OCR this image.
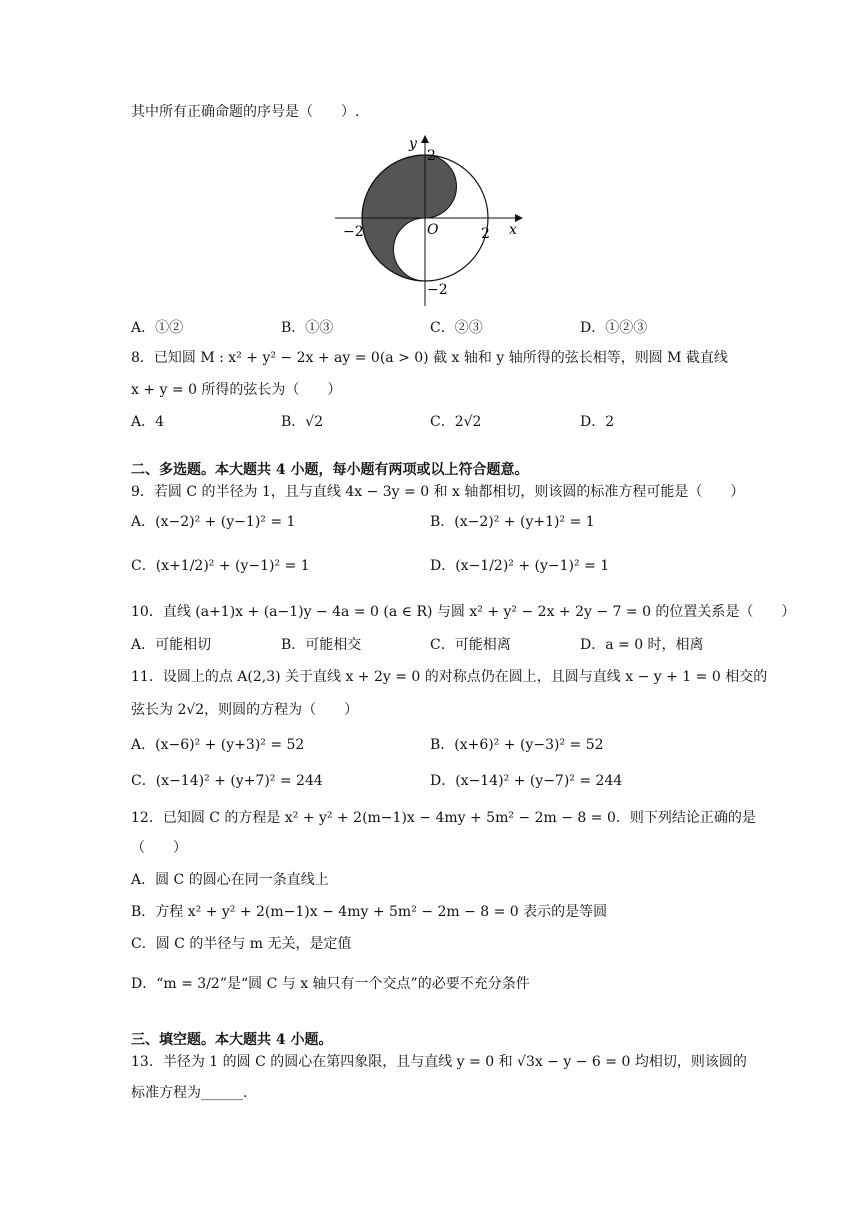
其中所有正确命题的序号是（　　）.
y
x
O	2
−2
2
−2
A．①②	B．①③	C．②③	D．①②③
8．已知圆 M : x² + y² − 2x + ay = 0(a > 0) 截 x 轴和 y 轴所得的弦长相等，则圆 M 截直线
x + y = 0 所得的弦长为（　　）
A．4	B．√2	C．2√2	D．2
二、多选题。本大题共 4 小题，每小题有两项或以上符合题意。
9．若圆 C 的半径为 1，且与直线 4x − 3y = 0 和 x 轴都相切，则该圆的标准方程可能是（　　）
A．(x−2)² + (y−1)² = 1	B．(x−2)² + (y+1)² = 1
C．(x+1/2)² + (y−1)² = 1	D．(x−1/2)² + (y−1)² = 1
10．直线 (a+1)x + (a−1)y − 4a = 0 (a ∈ R) 与圆 x² + y² − 2x + 2y − 7 = 0 的位置关系是（　　）
A．可能相切	B．可能相交	C．可能相离	D．a = 0 时，相离
11．设圆上的点 A(2,3) 关于直线 x + 2y = 0 的对称点仍在圆上，且圆与直线 x − y + 1 = 0 相交的
弦长为 2√2，则圆的方程为（　　）
A．(x−6)² + (y+3)² = 52	B．(x+6)² + (y−3)² = 52
C．(x−14)² + (y+7)² = 244	D．(x−14)² + (y−7)² = 244
12．已知圆 C 的方程是 x² + y² + 2(m−1)x − 4my + 5m² − 2m − 8 = 0．则下列结论正确的是
（　　）
A．圆 C 的圆心在同一条直线上
B．方程 x² + y² + 2(m−1)x − 4my + 5m² − 2m − 8 = 0 表示的是等圆
C．圆 C 的半径与 m 无关，是定值
D．“m = 3/2”是“圆 C 与 x 轴只有一个交点”的必要不充分条件
三、填空题。本大题共 4 小题。
13．半径为 1 的圆 C 的圆心在第四象限，且与直线 y = 0 和 √3x − y − 6 = 0 均相切，则该圆的
标准方程为______.
